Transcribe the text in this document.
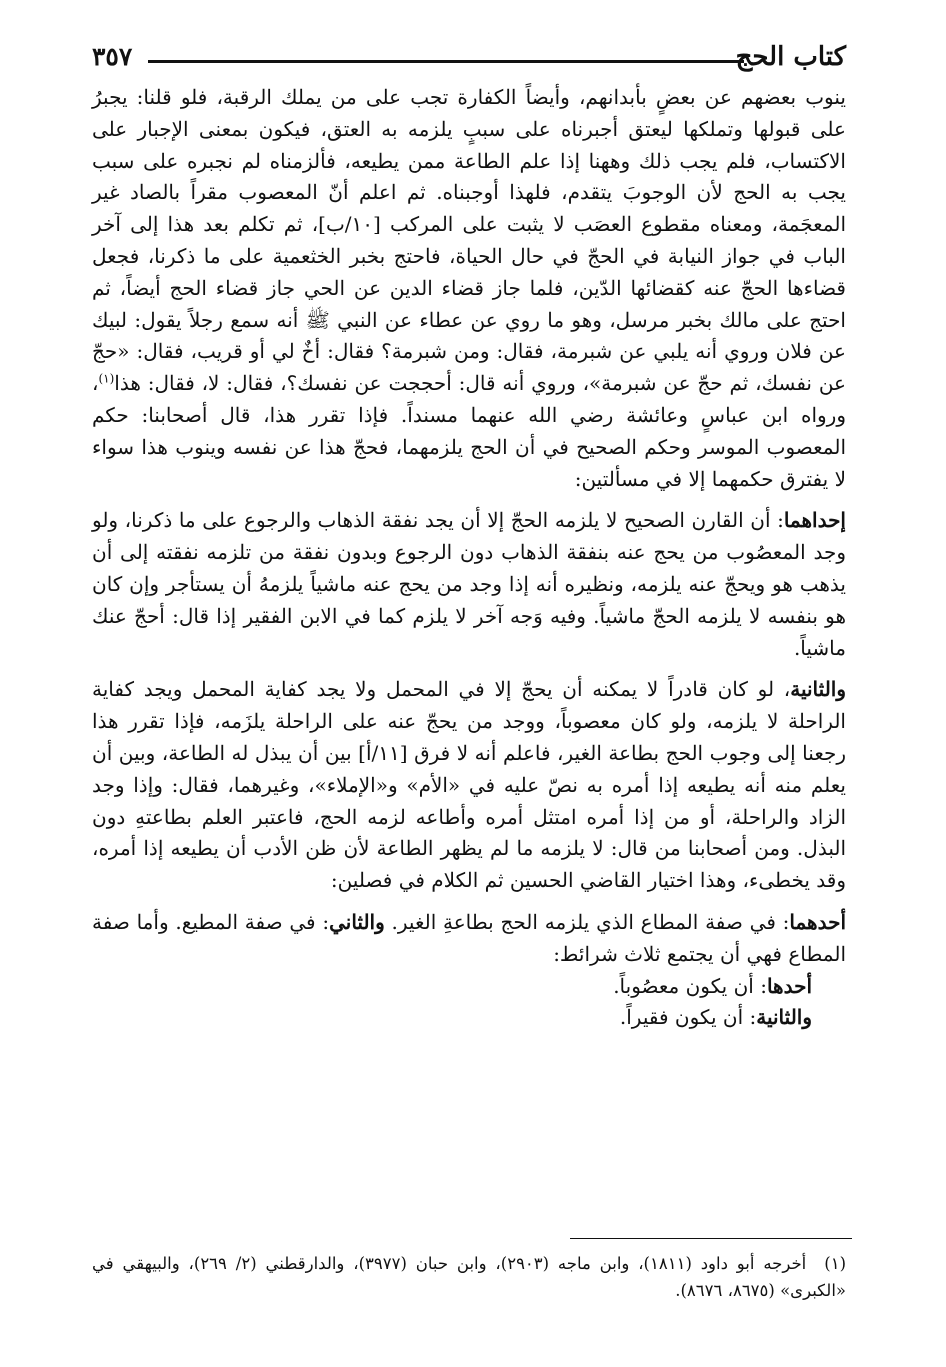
كتاب الحج
٣٥٧

ينوب بعضهم عن بعضٍ بأبدانهم، وأيضاً الكفارة تجب على من يملك الرقبة، فلو قلنا: يجبرُ على قبولها وتملكها ليعتق أجبرناه على سببٍ يلزمه به العتق، فيكون بمعنى الإجبار على الاكتساب، فلم يجب ذلك وههنا إذا علم الطاعة ممن يطيعه، فألزمناه لم نجبره على سبب يجب به الحج لأن الوجوبَ يتقدم، فلهذا أوجبناه. ثم اعلم أنّ المعصوب مقراً بالصاد غير المعجَمة، ومعناه مقطوع العصَب لا يثبت على المركب [١٠/ب]، ثم تكلم بعد هذا إلى آخر الباب في جواز النيابة في الحجّ في حال الحياة، فاحتج بخبر الخثعمية على ما ذكرنا، فجعل قضاءها الحجّ عنه كقضائها الدّين، فلما جاز قضاء الدين عن الحي جاز قضاء الحج أيضاً، ثم احتج على مالك بخبر مرسل، وهو ما روي عن عطاء عن النبي ﷺ أنه سمع رجلاً يقول: لبيك عن فلان وروي أنه يلبي عن شبرمة، فقال: ومن شبرمة؟ فقال: أخٌ لي أو قريب، فقال: «حجّ عن نفسك، ثم حجّ عن شبرمة»، وروي أنه قال: أحججت عن نفسك؟، فقال: لا، فقال: هذا$^{(١)}$، ورواه ابن عباسٍ وعائشة رضي الله عنهما مسنداً. فإذا تقرر هذا، قال أصحابنا: حكم المعصوب الموسر وحكم الصحيح في أن الحج يلزمهما، فحجّ هذا عن نفسه وينوب هذا سواء لا يفترق حكمهما إلا في مسألتين:

إحداهما: أن القارن الصحيح لا يلزمه الحجّ إلا أن يجد نفقة الذهاب والرجوع على ما ذكرنا، ولو وجد المعصُوب من يحج عنه بنفقة الذهاب دون الرجوع وبدون نفقة من تلزمه نفقته إلى أن يذهب هو ويحجّ عنه يلزمه، ونظيره أنه إذا وجد من يحج عنه ماشياً يلزمهُ أن يستأجر وإن كان هو بنفسه لا يلزمه الحجّ ماشياً. وفيه وَجه آخر لا يلزم كما في الابن الفقير إذا قال: أحجّ عنك ماشياً.

والثانية، لو كان قادراً لا يمكنه أن يحجّ إلا في المحمل ولا يجد كفاية المحمل ويجد كفاية الراحلة لا يلزمه، ولو كان معصوباً، ووجد من يحجّ عنه على الراحلة يلزَمه، فإذا تقرر هذا رجعنا إلى وجوب الحج بطاعة الغير، فاعلم أنه لا فرق [١١/أ] بين أن يبذل له الطاعة، وبين أن يعلم منه أنه يطيعه إذا أمره به نصّ عليه في «الأم» و«الإملاء»، وغيرهما، فقال: وإذا وجد الزاد والراحلة، أو من إذا أمره امتثل أمره وأطاعه لزمه الحج، فاعتبر العلم بطاعتهِ دون البذل. ومن أصحابنا من قال: لا يلزمه ما لم يظهر الطاعة لأن ظن الأدب أن يطيعه إذا أمره، وقد يخطىء، وهذا اختيار القاضي الحسين ثم الكلام في فصلين:

أحدهما: في صفة المطاع الذي يلزمه الحج بطاعةِ الغير. والثاني: في صفة المطيع. وأما صفة المطاع فهي أن يجتمع ثلاث شرائط:

أحدها: أن يكون معصُوباً.

والثانية: أن يكون فقيراً.

(١)أخرجه أبو داود (١٨١١)، وابن ماجه (٢٩٠٣)، وابن حبان (٣٩٧٧)، والدارقطني (٢/ ٢٦٩)، والبيهقي في «الكبرى» (٨٦٧٥، ٨٦٧٦).
